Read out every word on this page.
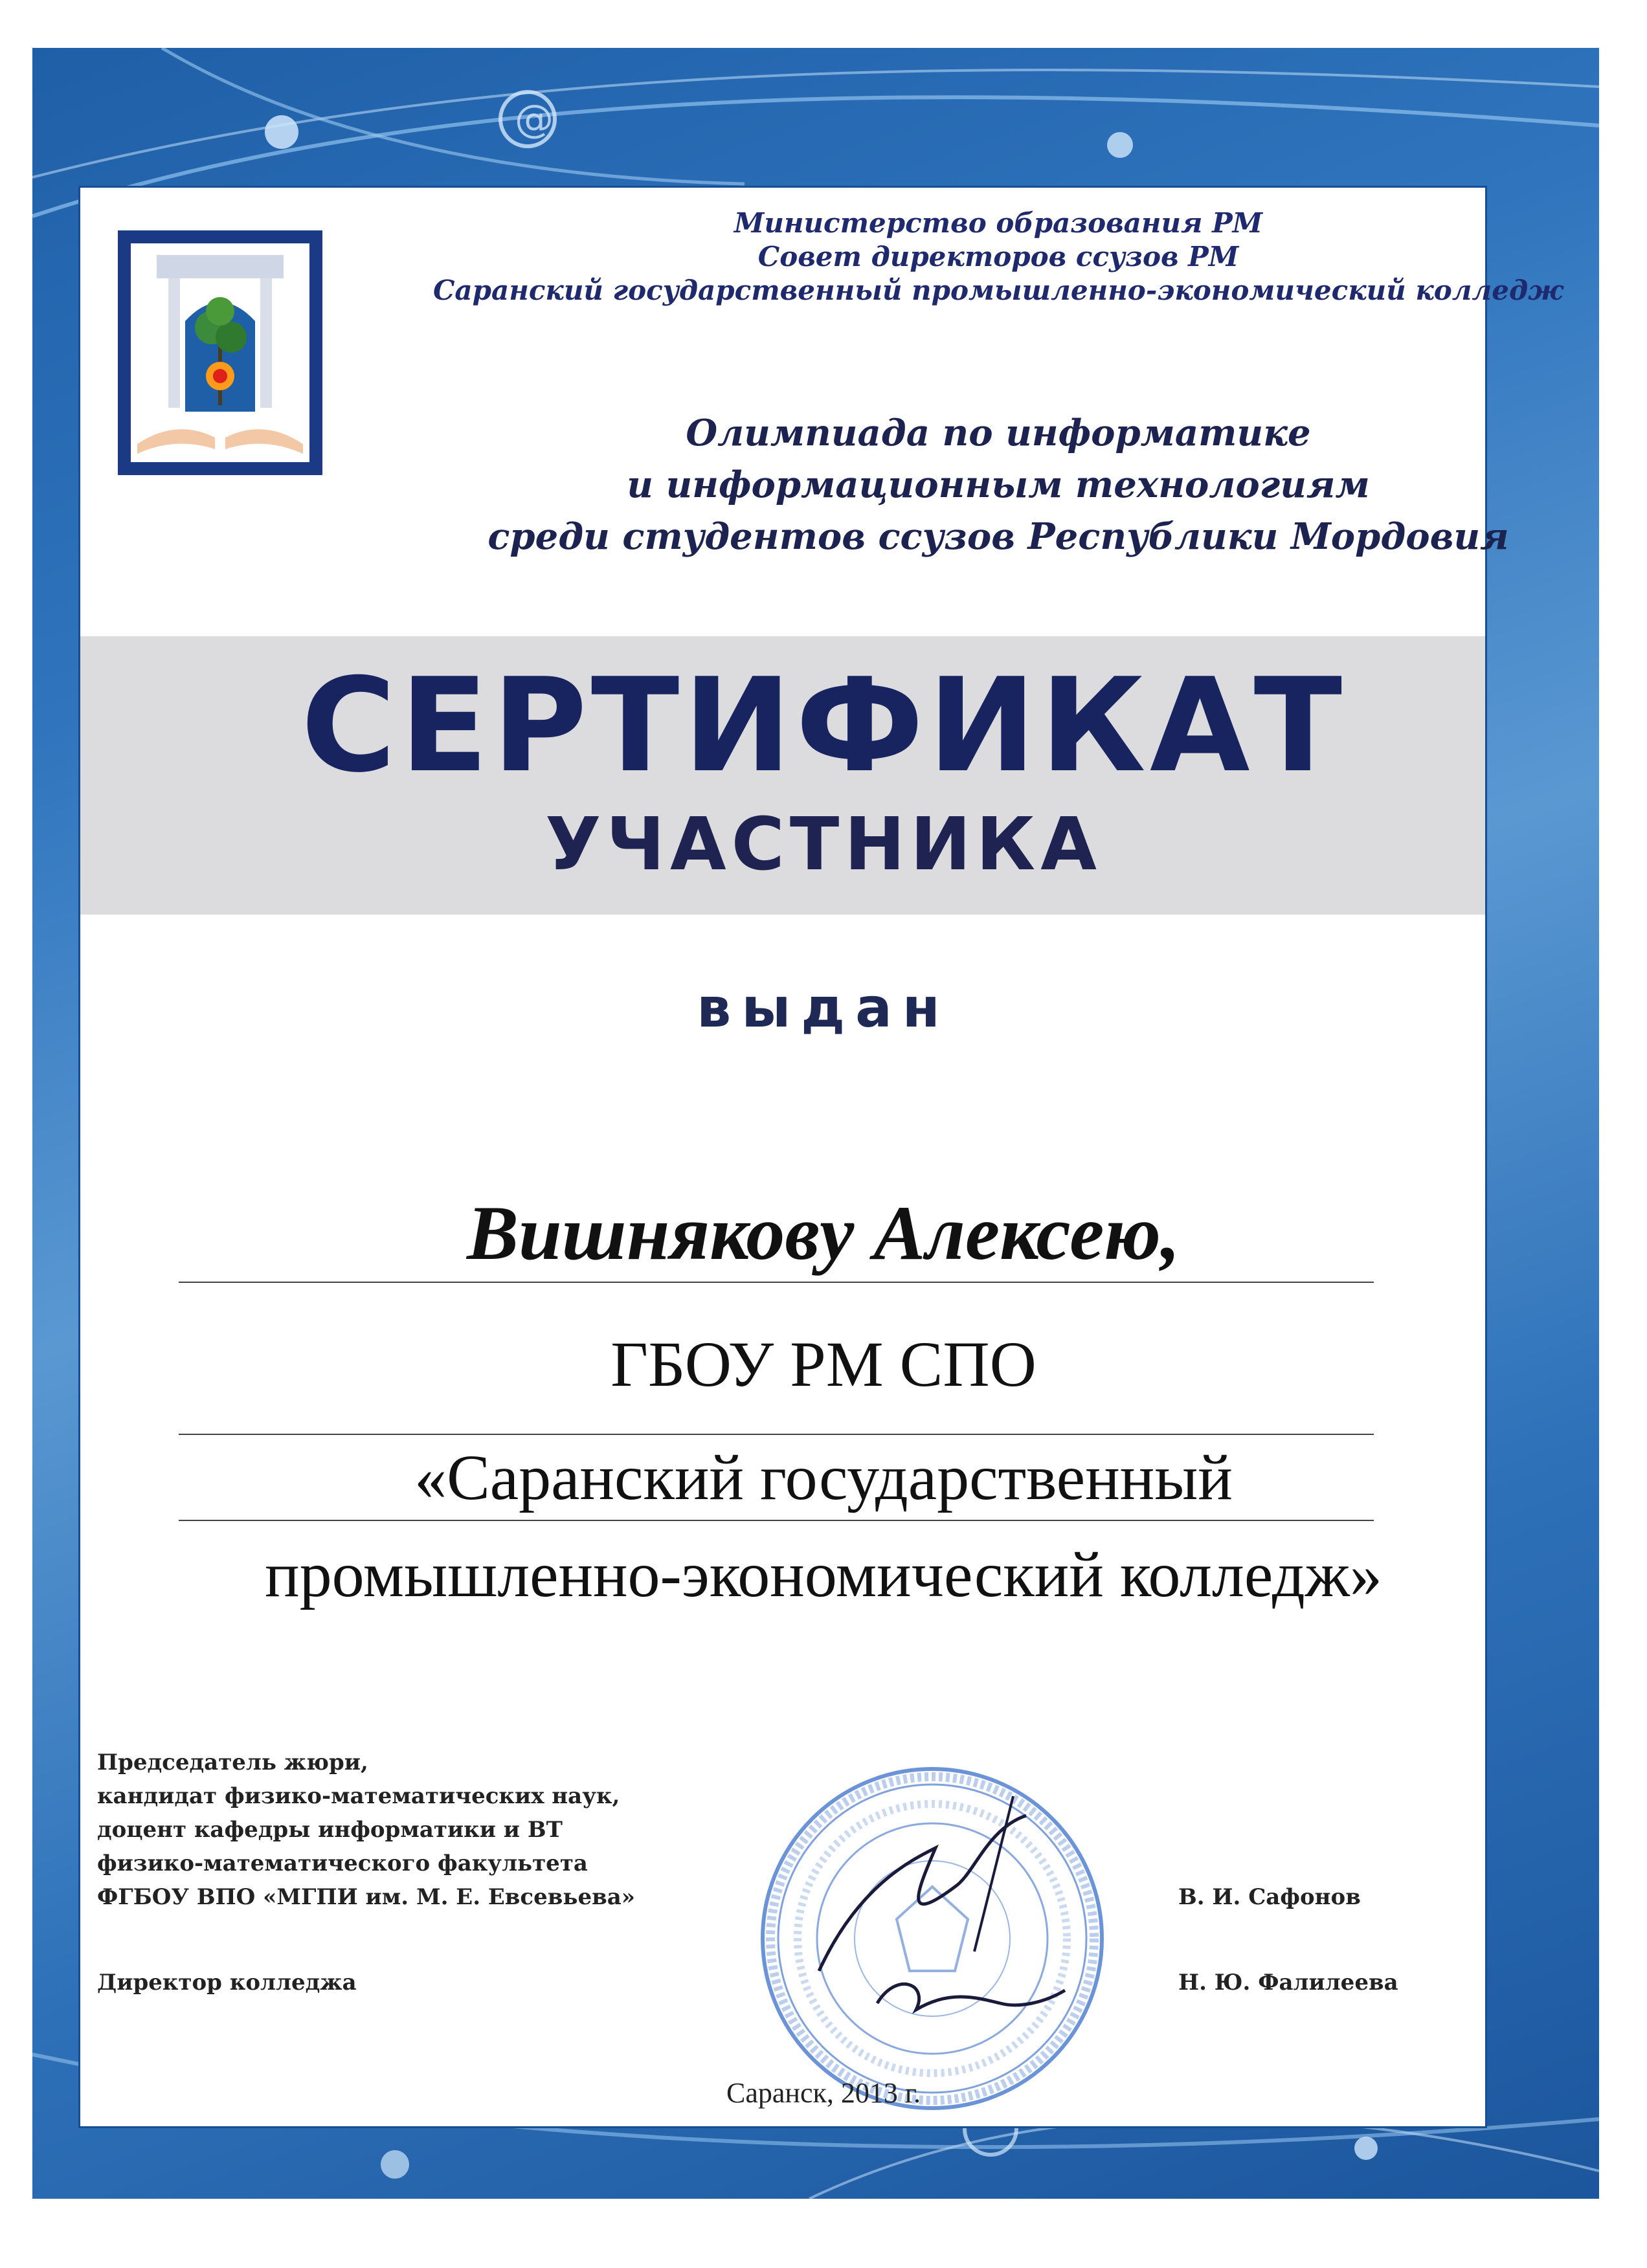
@
Министерство образования РМ
Совет директоров ссузов РМ
Саранский государственный промышленно-экономический колледж
Олимпиада по информатике
и информационным технологиям
среди студентов ссузов Республики Мордовия
СЕРТИФИКАТ
УЧАСТНИКА
выдан
Вишнякову Алексею,
ГБОУ РМ СПО
«Саранский государственный
промышленно-экономический колледж»
Председатель жюри,
кандидат физико-математических наук,
доцент кафедры информатики и ВТ
физико-математического факультета
ФГБОУ ВПО «МГПИ им. М. Е. Евсевьева»	В. И. Сафонов
Директор колледжа	Н. Ю. Фалилеева
Саранск, 2013 г.
